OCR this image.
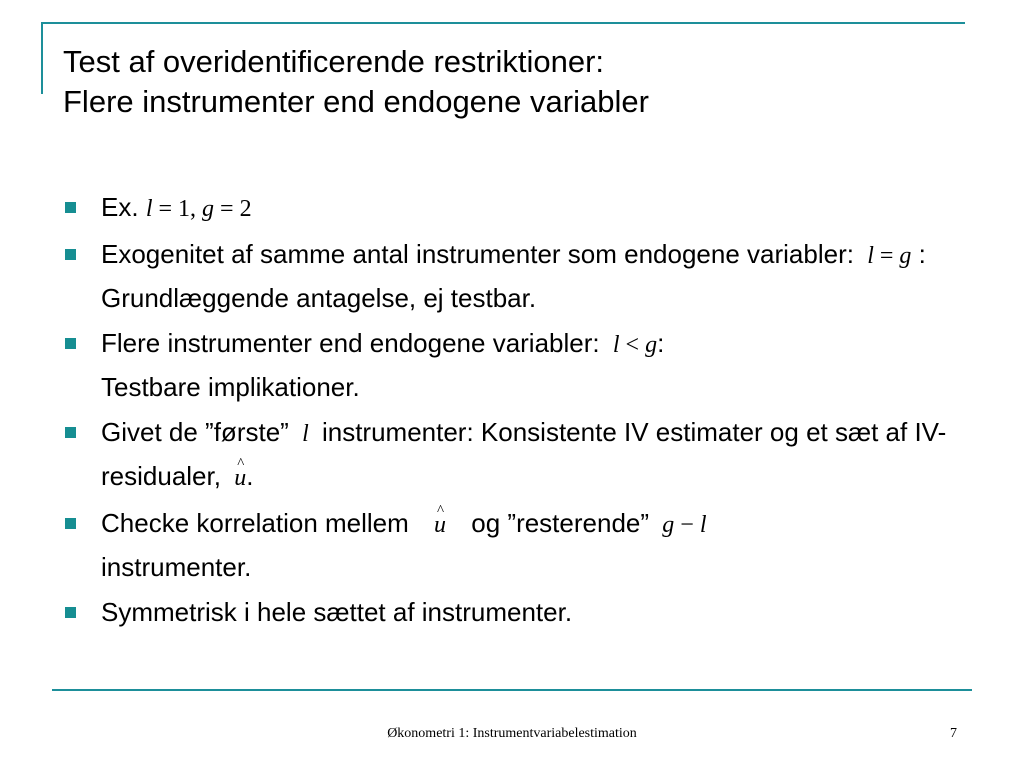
Test af overidentificerende restriktioner:
Flere instrumenter end endogene variabler
Ex. l = 1, g = 2
Exogenitet af samme antal instrumenter som endogene variabler: l = g : Grundlæggende antagelse, ej testbar.
Flere instrumenter end endogene variabler: l < g:
Testbare implikationer.
Givet de ”første” l instrumenter: Konsistente IV estimater og et sæt af IV-residualer, ^ u.
Checke korrelation mellem ^ u og ”resterende” g − l
instrumenter.
Symmetrisk i hele sættet af instrumenter.
Økonometri 1: Instrumentvariabelestimation	7
